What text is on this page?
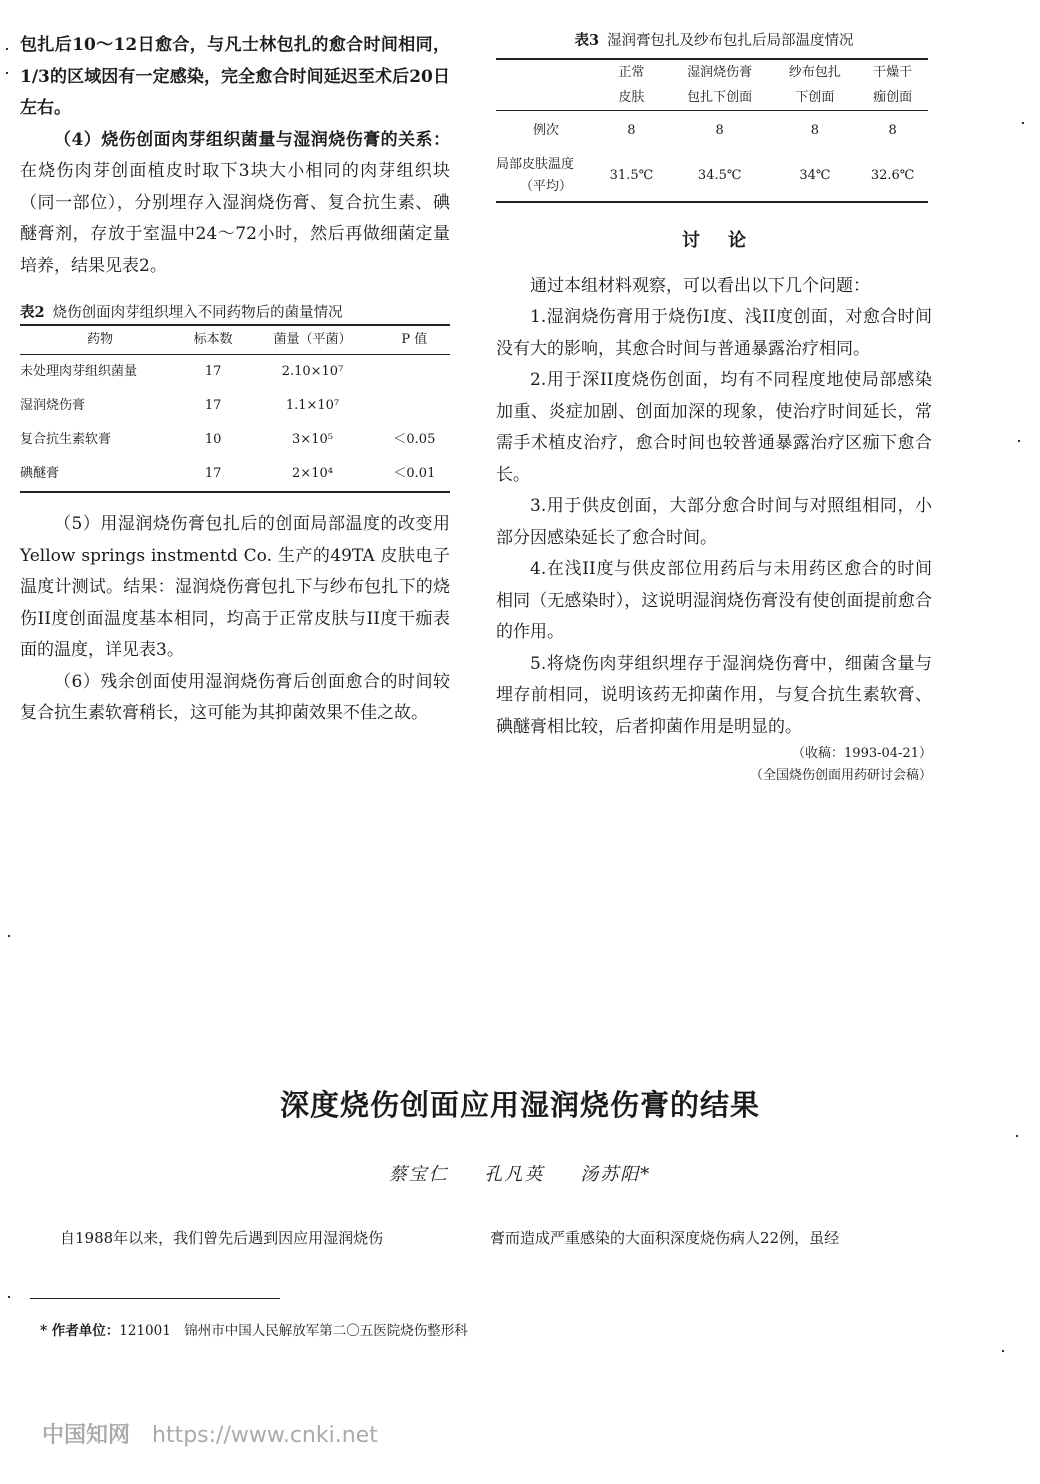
包扎后10～12日愈合，与凡士林包扎的愈合时间相同，1/3的区域因有一定感染，完全愈合时间延迟至术后20日左右。

（4）烧伤创面肉芽组织菌量与湿润烧伤膏的关系：在烧伤肉芽创面植皮时取下3块大小相同的肉芽组织块（同一部位），分别埋存入湿润烧伤膏、复合抗生素、碘醚膏剂，存放于室温中24～72小时，然后再做细菌定量培养，结果见表2。

表2 烧伤创面肉芽组织埋入不同药物后的菌量情况

药物	标本数	菌量（平菌）	P 值
未处理肉芽组织菌量	17	2.10×10⁷	
湿润烧伤膏	17	1.1×10⁷	
复合抗生素软膏	10	3×10⁵	＜0.05
碘醚膏	17	2×10⁴	＜0.01

（5）用湿润烧伤膏包扎后的创面局部温度的改变用 Yellow springs instmentd Co. 生产的49TA 皮肤电子温度计测试。结果：湿润烧伤膏包扎下与纱布包扎下的烧伤II度创面温度基本相同，均高于正常皮肤与II度干痂表面的温度，详见表3。

（6）残余创面使用湿润烧伤膏后创面愈合的时间较复合抗生素软膏稍长，这可能为其抑菌效果不佳之故。

表3 湿润膏包扎及纱布包扎后局部温度情况

	正常	湿润烧伤膏	纱布包扎	干燥干
	皮肤	包扎下创面	下创面	痂创面
例次	8	8	8	8

局部皮肤温度
（平均）	31.5℃	34.5℃	34℃	32.6℃
讨论

通过本组材料观察，可以看出以下几个问题：

1.湿润烧伤膏用于烧伤I度、浅II度创面，对愈合时间没有大的影响，其愈合时间与普通暴露治疗相同。

2.用于深II度烧伤创面，均有不同程度地使局部感染加重、炎症加剧、创面加深的现象，使治疗时间延长，常需手术植皮治疗，愈合时间也较普通暴露治疗区痂下愈合长。

3.用于供皮创面，大部分愈合时间与对照组相同，小部分因感染延长了愈合时间。

4.在浅II度与供皮部位用药后与未用药区愈合的时间相同（无感染时），这说明湿润烧伤膏没有使创面提前愈合的作用。

5.将烧伤肉芽组织埋存于湿润烧伤膏中，细菌含量与埋存前相同，说明该药无抑菌作用，与复合抗生素软膏、碘醚膏相比较，后者抑菌作用是明显的。

（收稿：1993-04-21）
（全国烧伤创面用药研讨会稿）
深度烧伤创面应用湿润烧伤膏的结果
蔡宝仁 孔凡英 汤苏阳*
自1988年以来，我们曾先后遇到因应用湿润烧伤	膏而造成严重感染的大面积深度烧伤病人22例，虽经
* 作者单位：121001　锦州市中国人民解放军第二〇五医院烧伤整形科
中国知网 https://www.cnki.net
